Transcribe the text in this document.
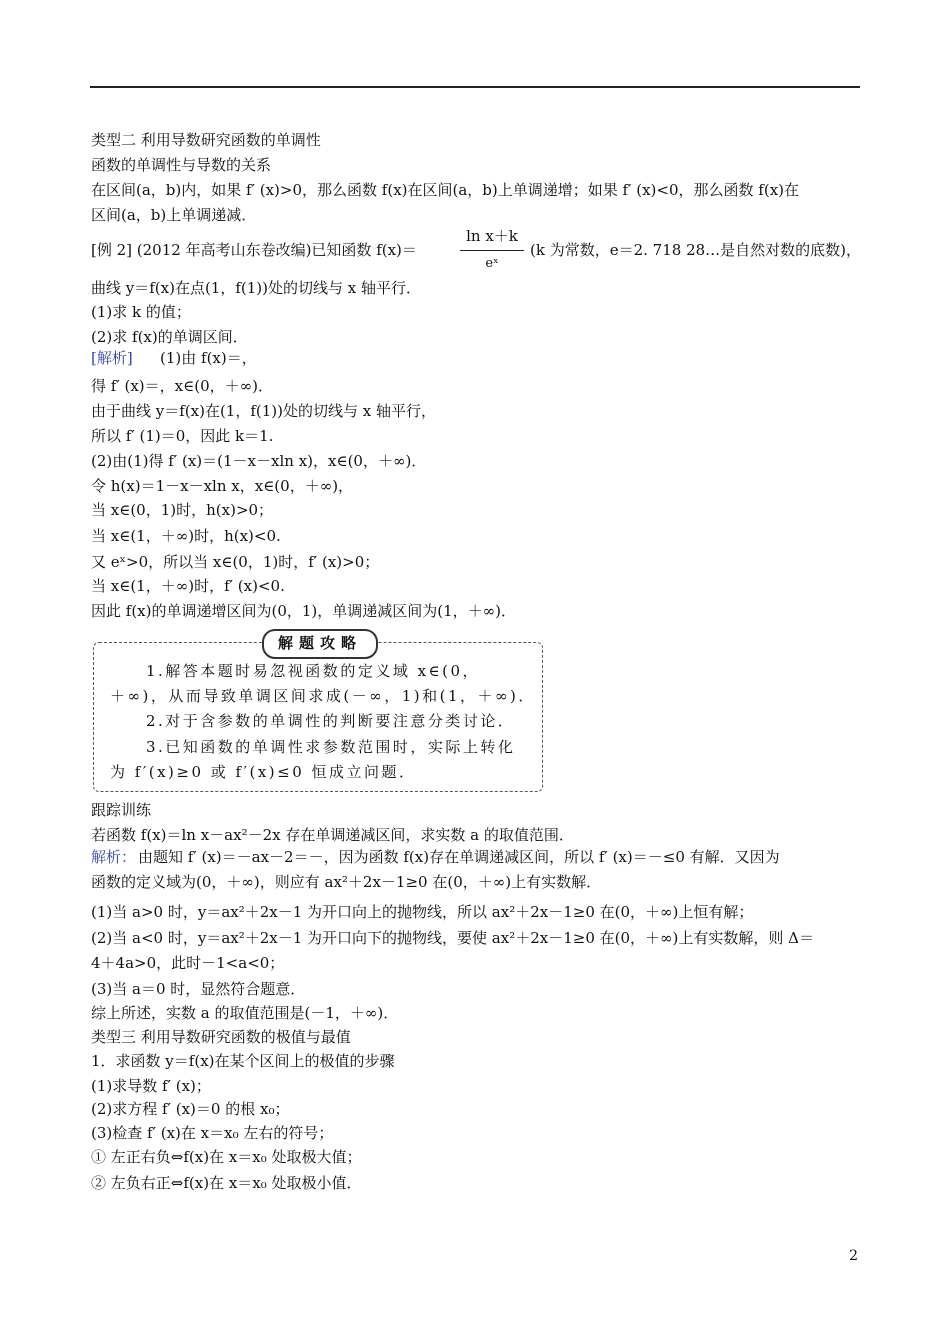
类型二 利用导数研究函数的单调性
函数的单调性与导数的关系
在区间(a，b)内，如果 f′ (x)>0，那么函数 f(x)在区间(a，b)上单调递增；如果 f′ (x)<0，那么函数 f(x)在
区间(a，b)上单调递减．
[例 2] (2012 年高考山东卷改编)已知函数 f(x)＝
ln x＋k
eˣ
(k 为常数，e＝2. 718 28…是自然对数的底数)，
曲线 y＝f(x)在点(1，f(1))处的切线与 x 轴平行．
(1)求 k 的值；
(2)求 f(x)的单调区间．
[解析] (1)由 f(x)＝，
得 f′ (x)＝，x∈(0，＋∞)．
由于曲线 y＝f(x)在(1，f(1))处的切线与 x 轴平行，
所以 f′ (1)＝0，因此 k＝1.
(2)由(1)得 f′ (x)＝(1－x－xln x)，x∈(0，＋∞)．
令 h(x)＝1－x－xln x，x∈(0，＋∞)，
当 x∈(0，1)时，h(x)>0；
当 x∈(1，＋∞)时，h(x)<0.
又 eˣ>0，所以当 x∈(0，1)时，f′ (x)>0；
当 x∈(1，＋∞)时，f′ (x)<0.
因此 f(x)的单调递增区间为(0，1)，单调递减区间为(1，＋∞)．
解题攻略
1.解答本题时易忽视函数的定义域 x∈(0，
＋∞)，从而导致单调区间求成(－∞，1)和(1，＋∞)．
2.对于含参数的单调性的判断要注意分类讨论．
3.已知函数的单调性求参数范围时，实际上转化
为 f′(x)≥0 或 f′(x)≤0 恒成立问题．
跟踪训练
若函数 f(x)＝ln x－ax²－2x 存在单调递减区间，求实数 a 的取值范围．
解析： 由题知 f′ (x)＝－ax－2＝－，因为函数 f(x)存在单调递减区间，所以 f′ (x)＝－≤0 有解．又因为
函数的定义域为(0，＋∞)，则应有 ax²＋2x－1≥0 在(0，＋∞)上有实数解．
(1)当 a>0 时，y＝ax²＋2x－1 为开口向上的抛物线，所以 ax²＋2x－1≥0 在(0，＋∞)上恒有解；
(2)当 a<0 时，y＝ax²＋2x－1 为开口向下的抛物线，要使 ax²＋2x－1≥0 在(0，＋∞)上有实数解，则 Δ＝
4＋4a>0，此时－1<a<0；
(3)当 a＝0 时，显然符合题意．
综上所述，实数 a 的取值范围是(－1，＋∞)．
类型三 利用导数研究函数的极值与最值
1．求函数 y＝f(x)在某个区间上的极值的步骤
(1)求导数 f′ (x)；
(2)求方程 f′ (x)＝0 的根 x₀；
(3)检查 f′ (x)在 x＝x₀ 左右的符号；
① 左正右负⇔f(x)在 x＝x₀ 处取极大值；
② 左负右正⇔f(x)在 x＝x₀ 处取极小值．
2
